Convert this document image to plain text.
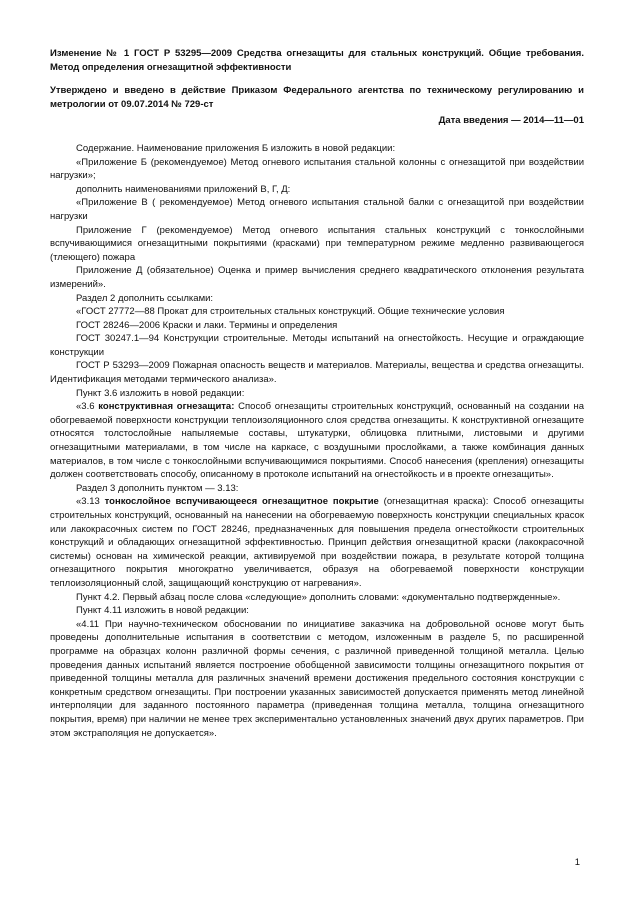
Изменение № 1 ГОСТ Р 53295—2009 Средства огнезащиты для стальных конструкций. Общие требования. Метод определения огнезащитной эффективности

Утверждено и введено в действие Приказом Федерального агентства по техническому регулированию и метрологии от 09.07.2014 № 729-ст

Дата введения — 2014—11—01

Содержание. Наименование приложения Б изложить в новой редакции:

«Приложение Б (рекомендуемое) Метод огневого испытания стальной колонны с огнезащитой при воздействии нагрузки»;

дополнить наименованиями приложений В, Г, Д:

«Приложение В ( рекомендуемое) Метод огневого испытания стальной балки с огнезащитой при воздействии нагрузки

Приложение Г (рекомендуемое) Метод огневого испытания стальных конструкций с тонкослойными вспучивающимися огнезащитными покрытиями (красками) при температурном режиме медленно развивающегося (тлеющего) пожара

Приложение Д (обязательное) Оценка и пример вычисления среднего квадратического отклонения результата измерений».

Раздел 2 дополнить ссылками:

«ГОСТ 27772—88 Прокат для строительных стальных конструкций. Общие технические условия

ГОСТ 28246—2006 Краски и лаки. Термины и определения

ГОСТ 30247.1—94 Конструкции строительные. Методы испытаний на огнестойкость. Несущие и ограждающие конструкции

ГОСТ Р 53293—2009 Пожарная опасность веществ и материалов. Материалы, вещества и средства огнезащиты. Идентификация методами термического анализа».

Пункт 3.6 изложить в новой редакции:

«3.6 конструктивная огнезащита: Способ огнезащиты строительных конструкций, основанный на создании на обогреваемой поверхности конструкции теплоизоляционного слоя средства огнезащиты. К конструктивной огнезащите относятся толстослойные напыляемые составы, штукатурки, облицовка плитными, листовыми и другими огнезащитными материалами, в том числе на каркасе, с воздушными прослойками, а также комбинация данных материалов, в том числе с тонкослойными вспучивающимися покрытиями. Способ нанесения (крепления) огнезащиты должен соответствовать способу, описанному в протоколе испытаний на огнестойкость и в проекте огнезащиты».

Раздел 3 дополнить пунктом — 3.13:

«3.13 тонкослойное вспучивающееся огнезащитное покрытие (огнезащитная краска): Способ огнезащиты строительных конструкций, основанный на нанесении на обогреваемую поверхность конструкции специальных красок или лакокрасочных систем по ГОСТ 28246, предназначенных для повышения предела огнестойкости строительных конструкций и обладающих огнезащитной эффективностью. Принцип действия огнезащитной краски (лакокрасочной системы) основан на химической реакции, активируемой при воздействии пожара, в результате которой толщина огнезащитного покрытия многократно увеличивается, образуя на обогреваемой поверхности конструкции теплоизоляционный слой, защищающий конструкцию от нагревания».

Пункт 4.2. Первый абзац после слова «следующие» дополнить словами: «документально подтвержденные».

Пункт 4.11 изложить в новой редакции:

«4.11 При научно-техническом обосновании по инициативе заказчика на добровольной основе могут быть проведены дополнительные испытания в соответствии с методом, изложенным в разделе 5, по расширенной программе на образцах колонн различной формы сечения, с различной приведенной толщиной металла. Целью проведения данных испытаний является построение обобщенной зависимости толщины огнезащитного покрытия от приведенной толщины металла для различных значений времени достижения предельного состояния конструкции с конкретным средством огнезащиты. При построении указанных зависимостей допускается применять метод линейной интерполяции для заданного постоянного параметра (приведенная толщина металла, толщина огнезащитного покрытия, время) при наличии не менее трех экспериментально установленных значений двух других параметров. При этом экстраполяция не допускается».

1
